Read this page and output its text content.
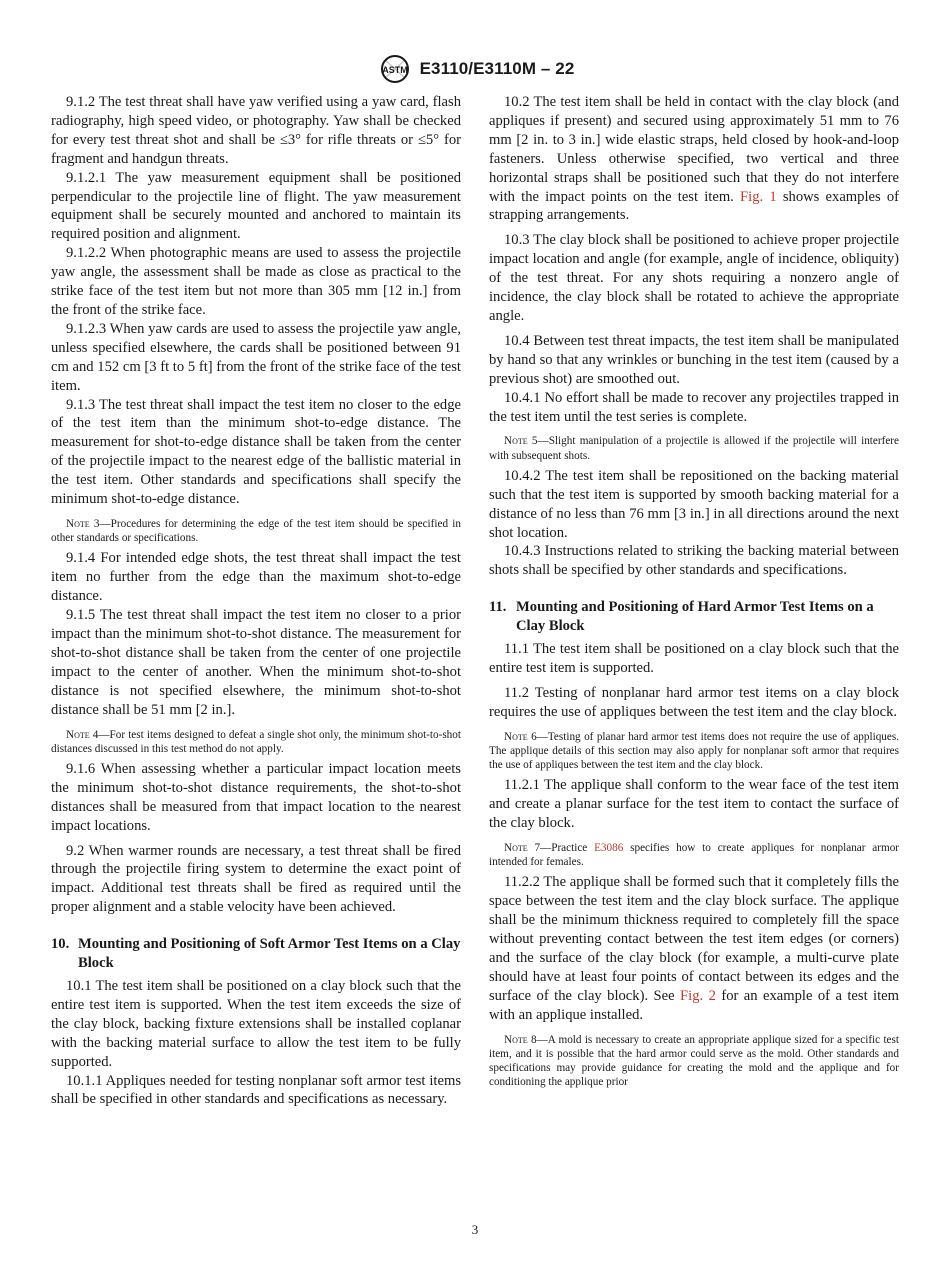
ASTM E3110/E3110M – 22

9.1.2 The test threat shall have yaw verified using a yaw card, flash radiography, high speed video, or photography. Yaw shall be checked for every test threat shot and shall be ≤3° for rifle threats or ≤5° for fragment and handgun threats.

9.1.2.1 The yaw measurement equipment shall be positioned perpendicular to the projectile line of flight. The yaw measurement equipment shall be securely mounted and anchored to maintain its required position and alignment.

9.1.2.2 When photographic means are used to assess the projectile yaw angle, the assessment shall be made as close as practical to the strike face of the test item but not more than 305 mm [12 in.] from the front of the strike face.

9.1.2.3 When yaw cards are used to assess the projectile yaw angle, unless specified elsewhere, the cards shall be positioned between 91 cm and 152 cm [3 ft to 5 ft] from the front of the strike face of the test item.

9.1.3 The test threat shall impact the test item no closer to the edge of the test item than the minimum shot-to-edge distance. The measurement for shot-to-edge distance shall be taken from the center of the projectile impact to the nearest edge of the ballistic material in the test item. Other standards and specifications shall specify the minimum shot-to-edge distance.

Note 3—Procedures for determining the edge of the test item should be specified in other standards or specifications.

9.1.4 For intended edge shots, the test threat shall impact the test item no further from the edge than the maximum shot-to-edge distance.

9.1.5 The test threat shall impact the test item no closer to a prior impact than the minimum shot-to-shot distance. The measurement for shot-to-shot distance shall be taken from the center of one projectile impact to the center of another. When the minimum shot-to-shot distance is not specified elsewhere, the minimum shot-to-shot distance shall be 51 mm [2 in.].

Note 4—For test items designed to defeat a single shot only, the minimum shot-to-shot distances discussed in this test method do not apply.

9.1.6 When assessing whether a particular impact location meets the minimum shot-to-shot distance requirements, the shot-to-shot distances shall be measured from that impact location to the nearest impact locations.

9.2 When warmer rounds are necessary, a test threat shall be fired through the projectile firing system to determine the exact point of impact. Additional test threats shall be fired as required until the proper alignment and a stable velocity have been achieved.

10. Mounting and Positioning of Soft Armor Test Items on a Clay Block

10.1 The test item shall be positioned on a clay block such that the entire test item is supported. When the test item exceeds the size of the clay block, backing fixture extensions shall be installed coplanar with the backing material surface to allow the test item to be fully supported.

10.1.1 Appliques needed for testing nonplanar soft armor test items shall be specified in other standards and specifications as necessary.

10.2 The test item shall be held in contact with the clay block (and appliques if present) and secured using approximately 51 mm to 76 mm [2 in. to 3 in.] wide elastic straps, held closed by hook-and-loop fasteners. Unless otherwise specified, two vertical and three horizontal straps shall be positioned such that they do not interfere with the impact points on the test item. Fig. 1 shows examples of strapping arrangements.

10.3 The clay block shall be positioned to achieve proper projectile impact location and angle (for example, angle of incidence, obliquity) of the test threat. For any shots requiring a nonzero angle of incidence, the clay block shall be rotated to achieve the appropriate angle.

10.4 Between test threat impacts, the test item shall be manipulated by hand so that any wrinkles or bunching in the test item (caused by a previous shot) are smoothed out.

10.4.1 No effort shall be made to recover any projectiles trapped in the test item until the test series is complete.

Note 5—Slight manipulation of a projectile is allowed if the projectile will interfere with subsequent shots.

10.4.2 The test item shall be repositioned on the backing material such that the test item is supported by smooth backing material for a distance of no less than 76 mm [3 in.] in all directions around the next shot location.

10.4.3 Instructions related to striking the backing material between shots shall be specified by other standards and specifications.

11. Mounting and Positioning of Hard Armor Test Items on a Clay Block

11.1 The test item shall be positioned on a clay block such that the entire test item is supported.

11.2 Testing of nonplanar hard armor test items on a clay block requires the use of appliques between the test item and the clay block.

Note 6—Testing of planar hard armor test items does not require the use of appliques. The applique details of this section may also apply for nonplanar soft armor that requires the use of appliques between the test item and the clay block.

11.2.1 The applique shall conform to the wear face of the test item and create a planar surface for the test item to contact the surface of the clay block.

Note 7—Practice E3086 specifies how to create appliques for nonplanar armor intended for females.

11.2.2 The applique shall be formed such that it completely fills the space between the test item and the clay block surface. The applique shall be the minimum thickness required to completely fill the space without preventing contact between the test item edges (or corners) and the surface of the clay block (for example, a multi-curve plate should have at least four points of contact between its edges and the surface of the clay block). See Fig. 2 for an example of a test item with an applique installed.

Note 8—A mold is necessary to create an appropriate applique sized for a specific test item, and it is possible that the hard armor could serve as the mold. Other standards and specifications may provide guidance for creating the mold and the applique and for conditioning the applique prior

3
